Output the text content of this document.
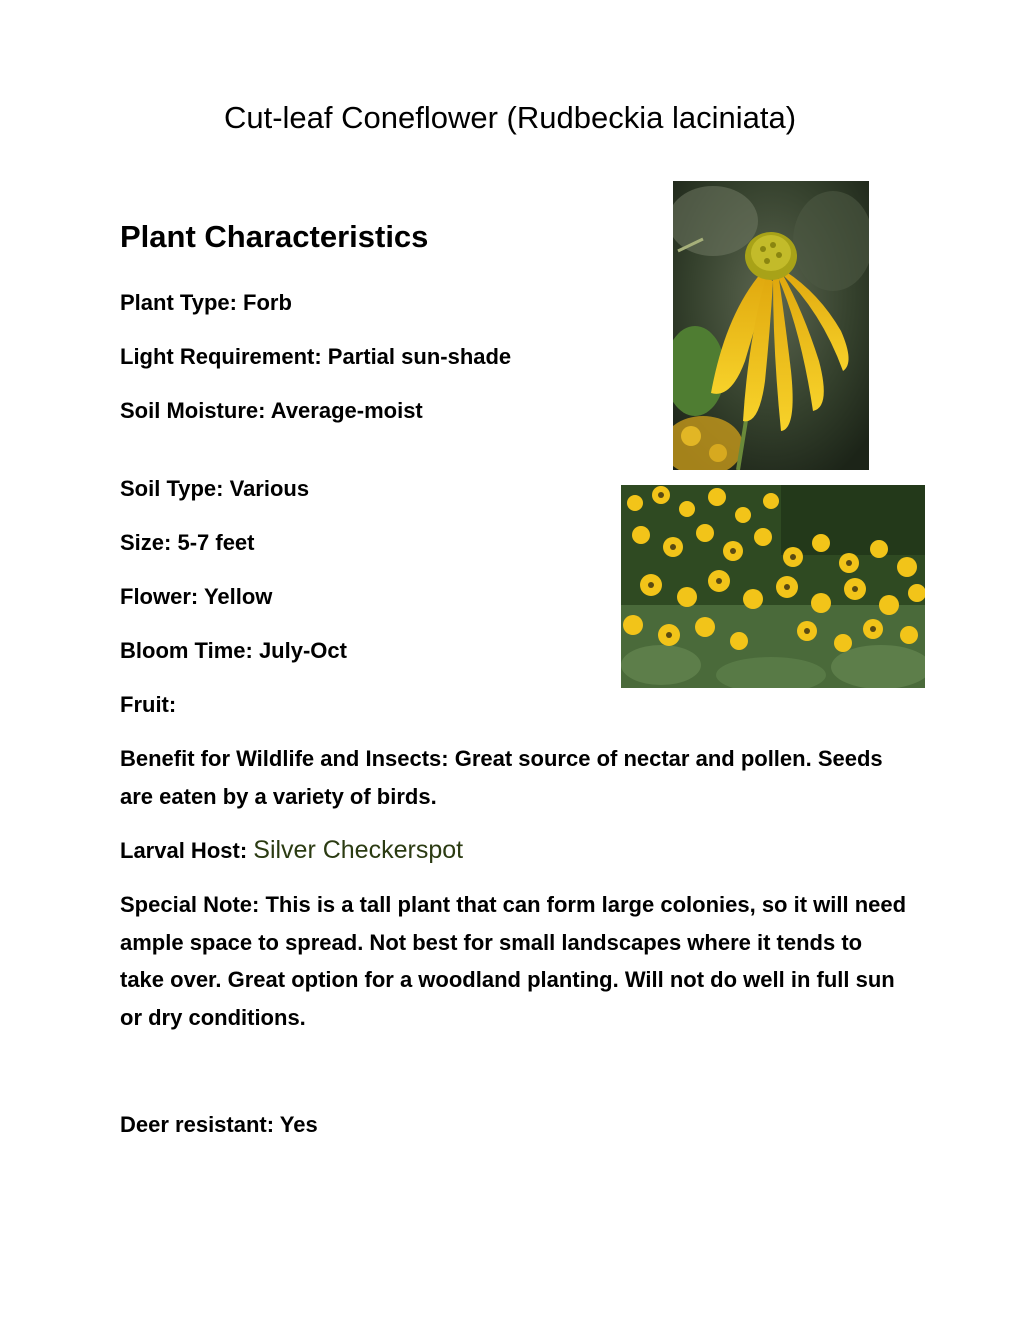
Cut-leaf Coneflower (Rudbeckia laciniata)
Plant Characteristics
Plant Type: Forb
Light Requirement: Partial sun-shade
Soil Moisture: Average-moist
Soil Type: Various
Size: 5-7 feet
Flower: Yellow
Bloom Time: July-Oct
Fruit:
Benefit for Wildlife and Insects: Great source of nectar and pollen. Seeds are eaten by a variety of birds.
Larval Host: Silver Checkerspot
Special Note: This is a tall plant that can form large colonies, so it will need ample space to spread. Not best for small landscapes where it tends to take over. Great option for a woodland planting. Will not do well in full sun or dry conditions.
Deer resistant: Yes
